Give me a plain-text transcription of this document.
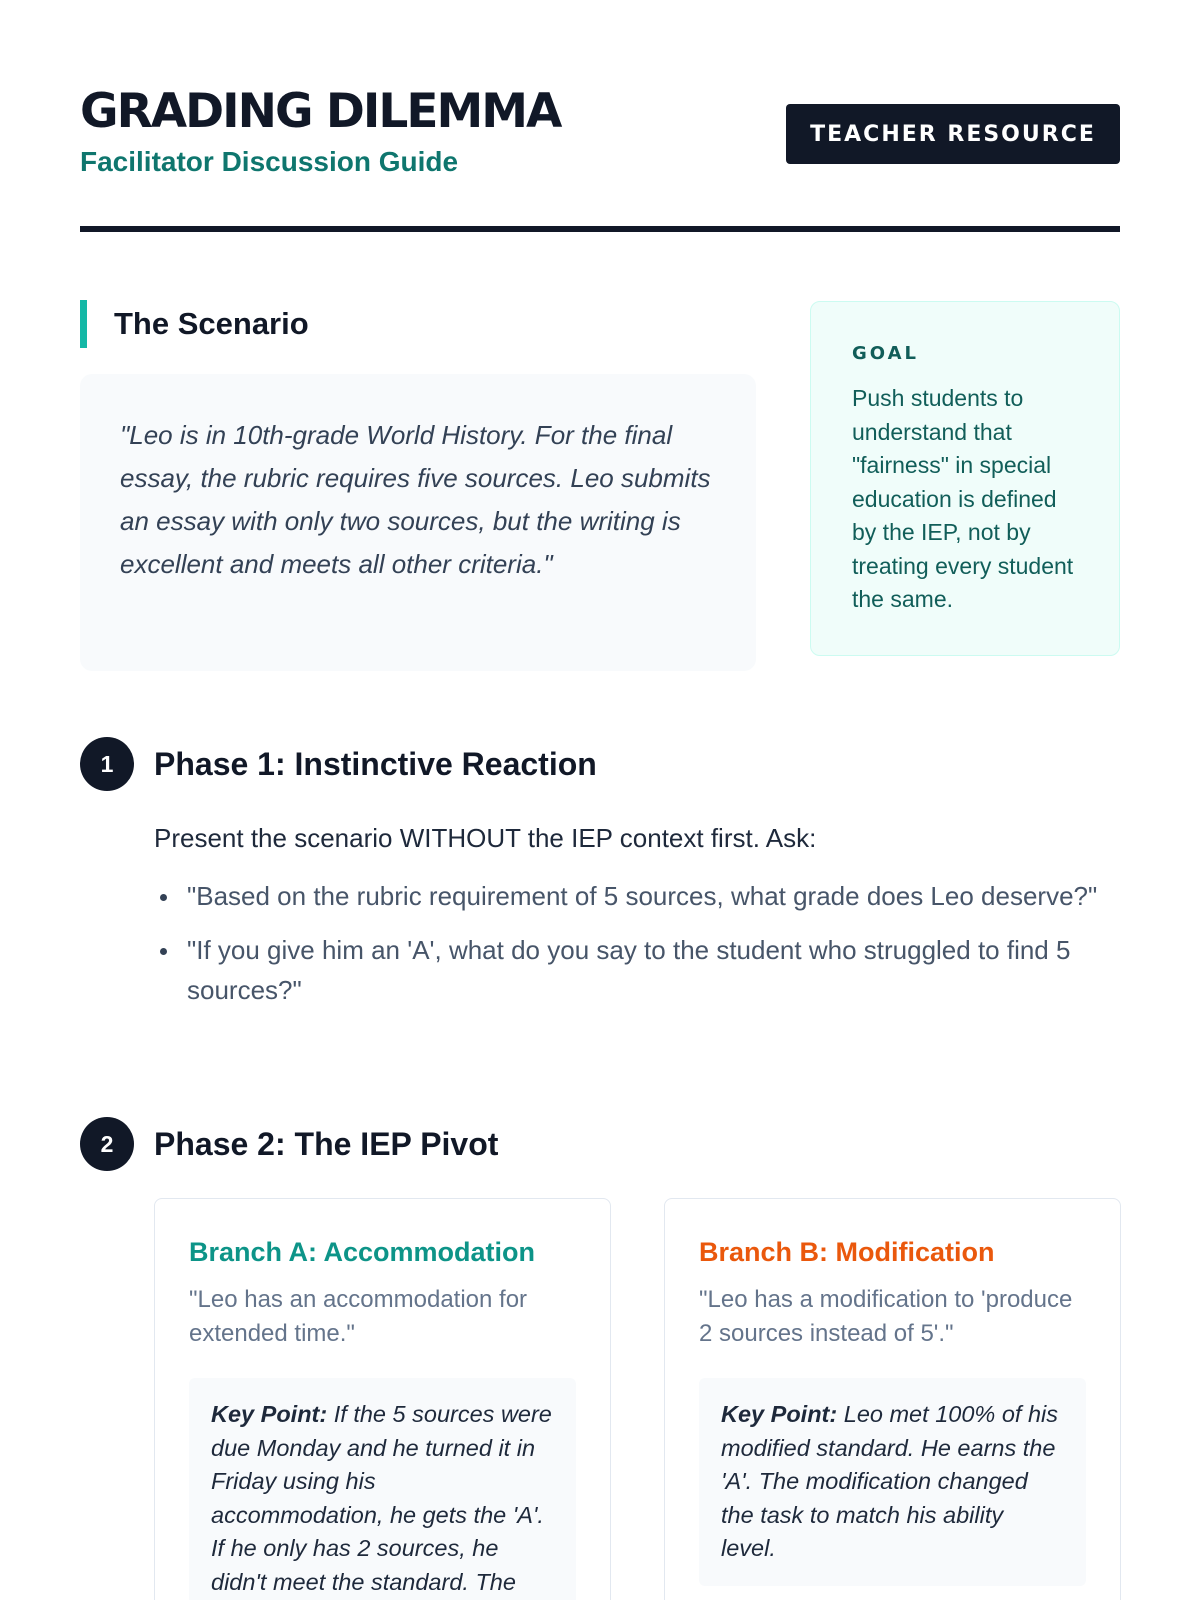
GRADING DILEMMA
Facilitator Discussion Guide
TEACHER RESOURCE
The Scenario

"Leo is in 10th-grade World History. For the final essay, the rubric requires five sources. Leo submits an essay with only two sources, but the writing is excellent and meets all other criteria."

GOAL

Push students to understand that "fairness" in special education is defined by the IEP, not by treating every student the same.

1	Phase 1: Instinctive Reaction

Present the scenario WITHOUT the IEP context first. Ask:

"Based on the rubric requirement of 5 sources, what grade does Leo deserve?"
"If you give him an 'A', what do you say to the student who struggled to find 5 sources?"
2	Phase 2: The IEP Pivot
Branch A: Accommodation

"Leo has an accommodation for extended time."

Key Point: If the 5 sources were due Monday and he turned it in Friday using his accommodation, he gets the 'A'. If he only has 2 sources, he didn't meet the standard. The
Branch B: Modification

"Leo has a modification to 'produce 2 sources instead of 5'."

Key Point: Leo met 100% of his modified standard. He earns the 'A'. The modification changed the task to match his ability level.
